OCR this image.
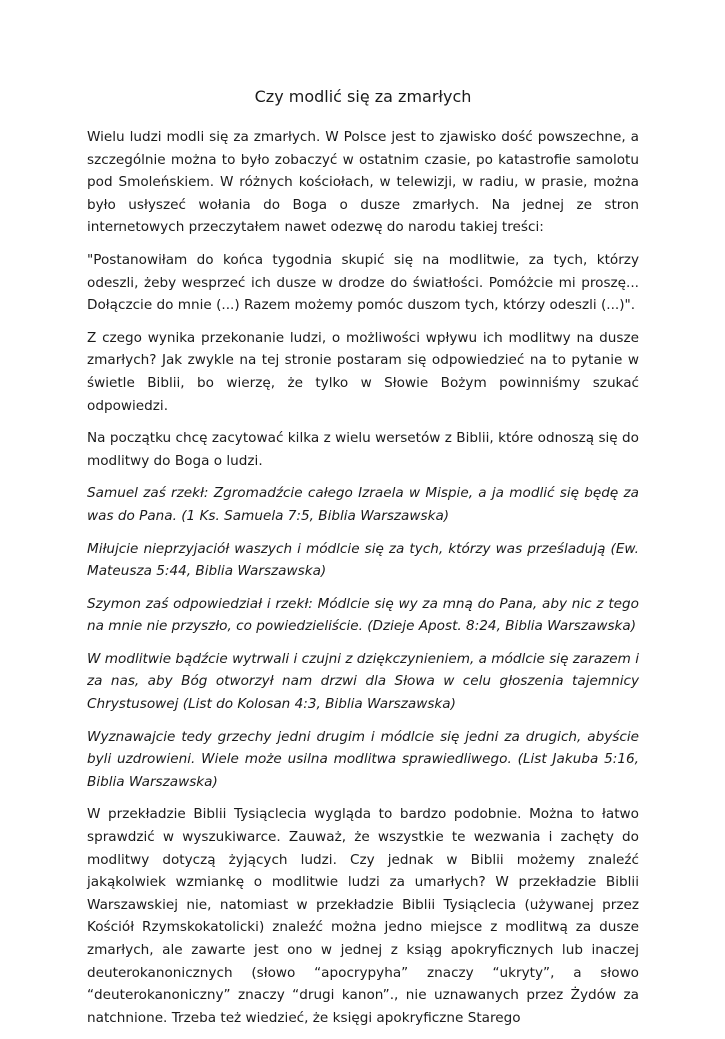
Czy modlić się za zmarłych

Wielu ludzi modli się za zmarłych. W Polsce jest to zjawisko dość powszechne, a szczególnie można to było zobaczyć w ostatnim czasie, po katastrofie samolotu pod Smoleńskiem. W różnych kościołach, w telewizji, w radiu, w prasie, można było usłyszeć wołania do Boga o dusze zmarłych. Na jednej ze stron internetowych przeczytałem nawet odezwę do narodu takiej treści:

"Postanowiłam do końca tygodnia skupić się na modlitwie, za tych, którzy odeszli, żeby wesprzeć ich dusze w drodze do światłości. Pomóżcie mi proszę... Dołączcie do mnie (...) Razem możemy pomóc duszom tych, którzy odeszli (...)".

Z czego wynika przekonanie ludzi, o możliwości wpływu ich modlitwy na dusze zmarłych? Jak zwykle na tej stronie postaram się odpowiedzieć na to pytanie w świetle Biblii, bo wierzę, że tylko w Słowie Bożym powinniśmy szukać odpowiedzi.

Na początku chcę zacytować kilka z wielu wersetów z Biblii, które odnoszą się do modlitwy do Boga o ludzi.

Samuel zaś rzekł: Zgromadźcie całego Izraela w Mispie, a ja modlić się będę za was do Pana. (1 Ks. Samuela 7:5, Biblia Warszawska)

Miłujcie nieprzyjaciół waszych i módlcie się za tych, którzy was prześladują (Ew. Mateusza 5:44, Biblia Warszawska)

Szymon zaś odpowiedział i rzekł: Módlcie się wy za mną do Pana, aby nic z tego na mnie nie przyszło, co powiedzieliście. (Dzieje Apost. 8:24, Biblia Warszawska)

W modlitwie bądźcie wytrwali i czujni z dziękczynieniem, a módlcie się zarazem i za nas, aby Bóg otworzył nam drzwi dla Słowa w celu głoszenia tajemnicy Chrystusowej (List do Kolosan 4:3, Biblia Warszawska)

Wyznawajcie tedy grzechy jedni drugim i módlcie się jedni za drugich, abyście byli uzdrowieni. Wiele może usilna modlitwa sprawiedliwego. (List Jakuba 5:16, Biblia Warszawska)

W przekładzie Biblii Tysiąclecia wygląda to bardzo podobnie. Można to łatwo sprawdzić w wyszukiwarce. Zauważ, że wszystkie te wezwania i zachęty do modlitwy dotyczą żyjących ludzi. Czy jednak w Biblii możemy znaleźć jakąkolwiek wzmiankę o modlitwie ludzi za umarłych? W przekładzie Biblii Warszawskiej nie, natomiast w przekładzie Biblii Tysiąclecia (używanej przez Kościół Rzymskokatolicki) znaleźć można jedno miejsce z modlitwą za dusze zmarłych, ale zawarte jest ono w jednej z ksiąg apokryficznych lub inaczej deuterokanonicznych (słowo “apocrypyha” znaczy “ukryty”, a słowo “deuterokanoniczny” znaczy “drugi kanon”., nie uznawanych przez Żydów za natchnione. Trzeba też wiedzieć, że księgi apokryficzne Starego
